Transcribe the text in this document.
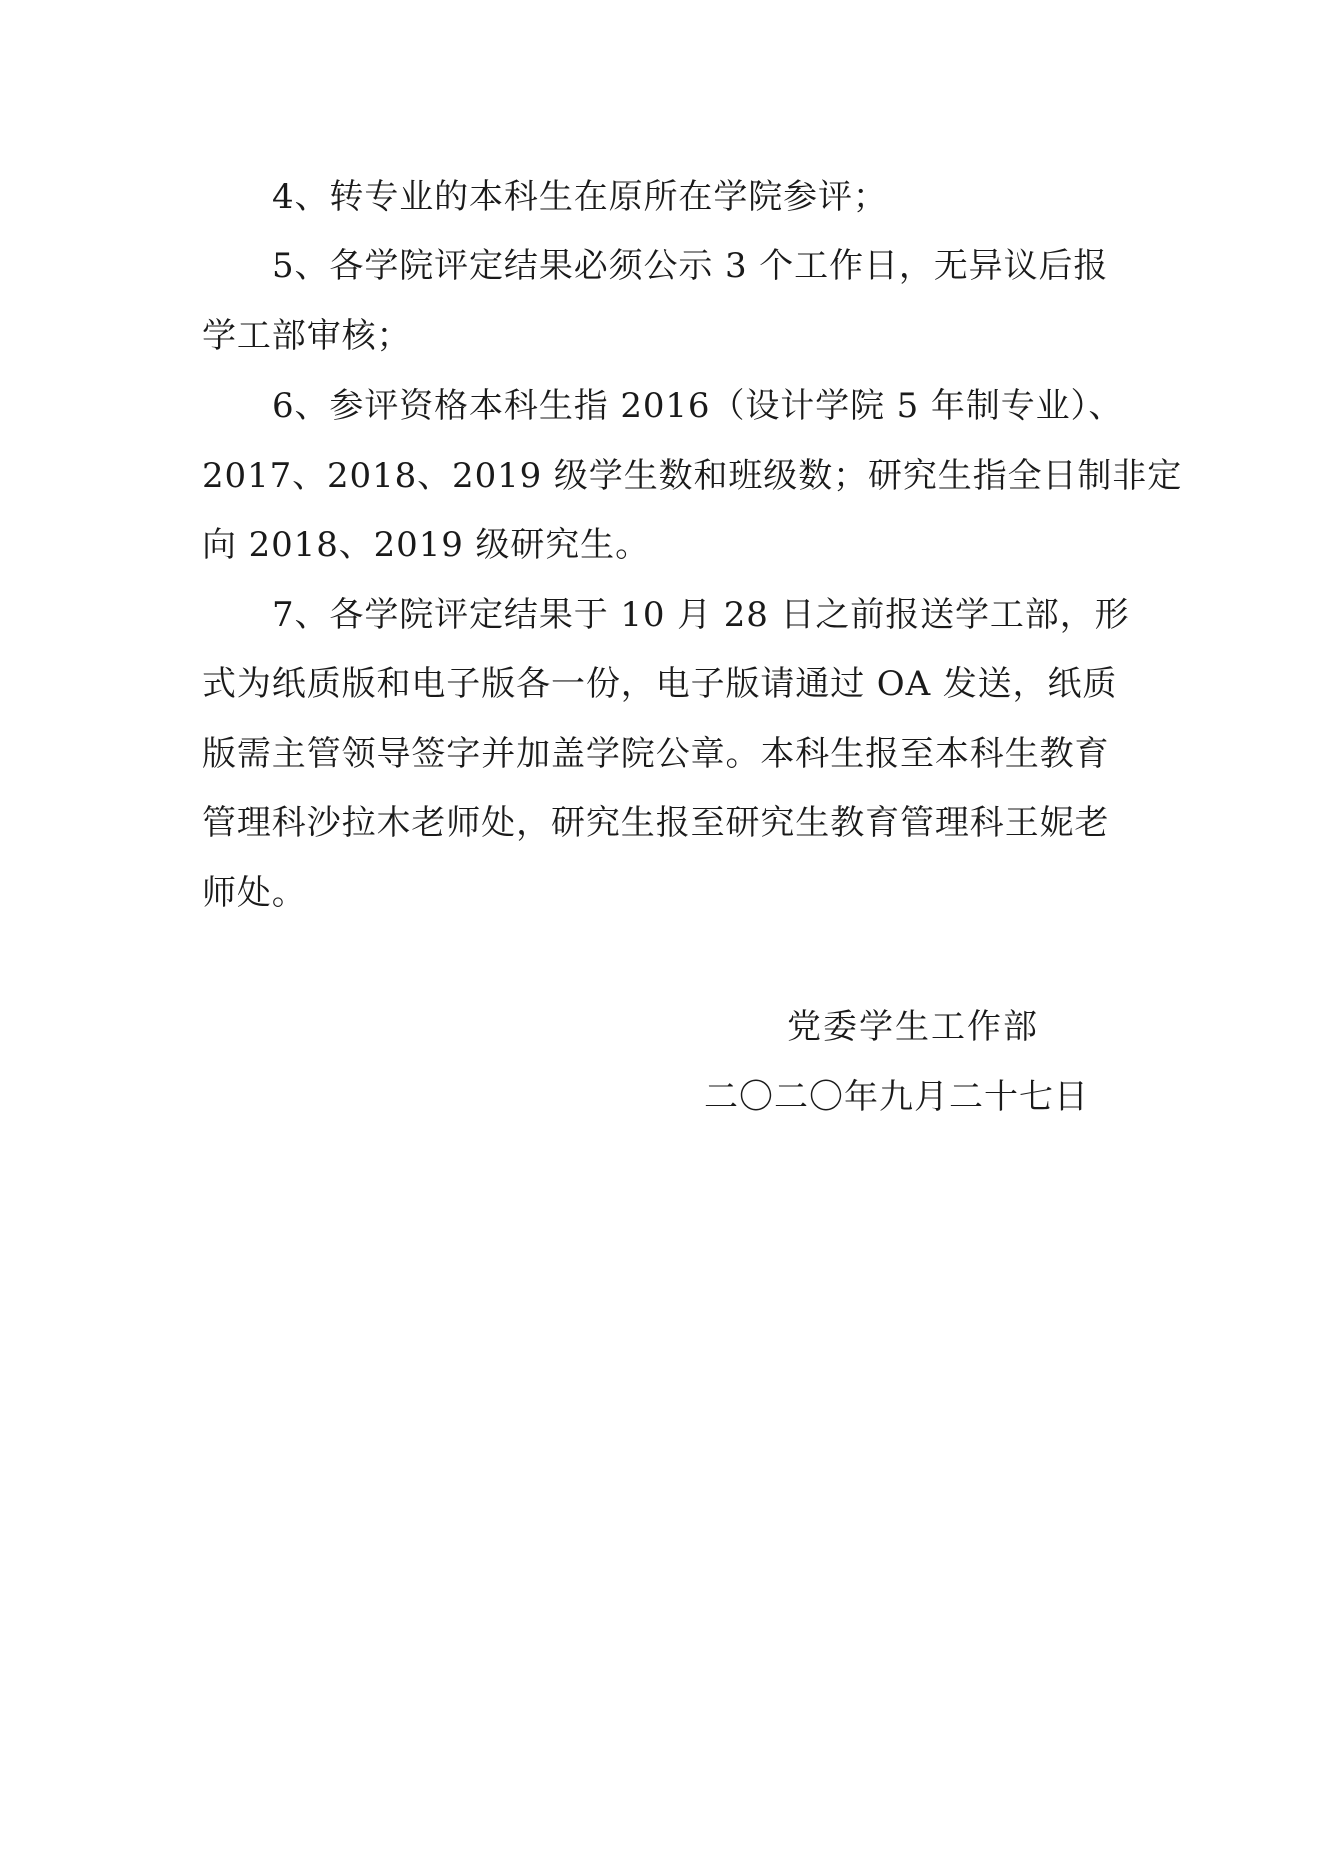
4、转专业的本科生在原所在学院参评；
5、各学院评定结果必须公示 3 个工作日，无异议后报
学工部审核；
6、参评资格本科生指 2016（设计学院 5 年制专业）、
2017、2018、2019 级学生数和班级数；研究生指全日制非定
向 2018、2019 级研究生。
7、各学院评定结果于 10 月 28 日之前报送学工部，形
式为纸质版和电子版各一份，电子版请通过 OA 发送，纸质
版需主管领导签字并加盖学院公章。本科生报至本科生教育
管理科沙拉木老师处，研究生报至研究生教育管理科王妮老
师处。
党委学生工作部
二〇二〇年九月二十七日
